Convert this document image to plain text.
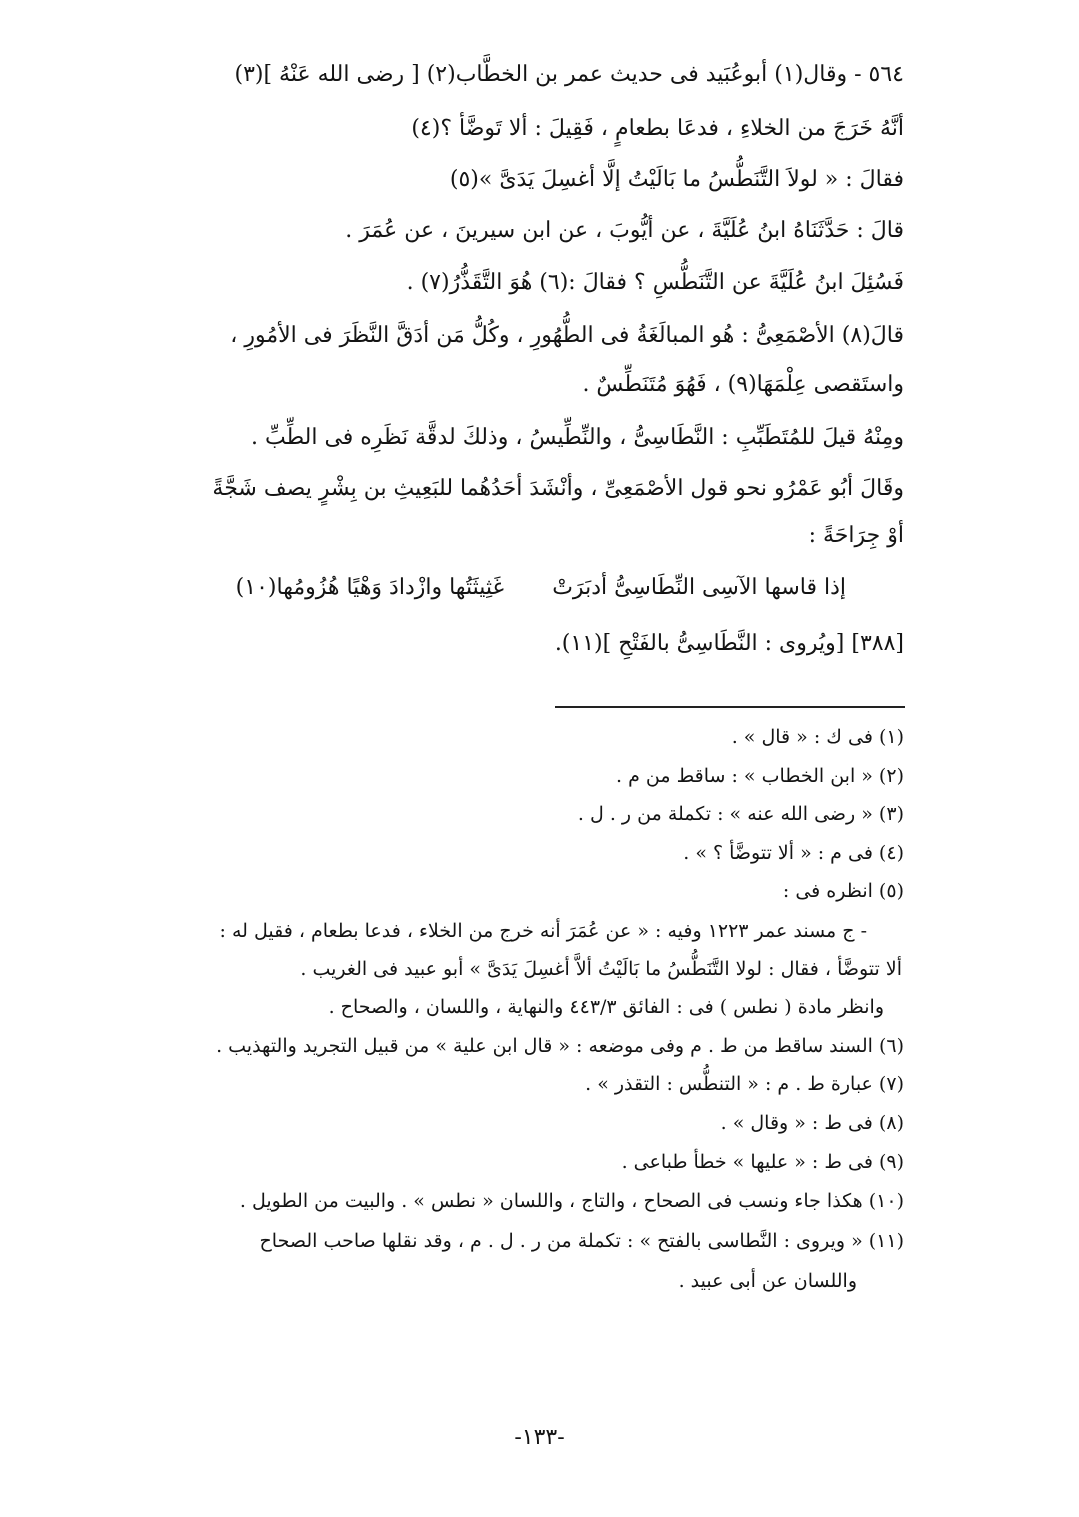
٥٦٤ - وقال(١) أبوعُبَيد فى حديث عمر بن الخطَّاب(٢) [ رضى الله عَنْهُ ](٣)
أنَّهُ خَرَجَ من الخلاءِ ، فدعَا بطعامٍ ، فَقِيلَ : ألا تَوضَّأ ؟(٤)
فقالَ : « لولاَ التَّنَطُّسُ ما بَالَيْتُ إلَّا أغسِلَ يَدَىَّ »(٥)
قالَ : حَدَّثَنَاهُ ابنُ عُلَيَّةَ ، عن أيُّوبَ ، عن ابن سيرينَ ، عن عُمَرَ .
فَسُئِلَ ابنُ عُلَيَّةَ عن التَّنَطُّسِ ؟ فقالَ :(٦) هُوَ التَّقَذُّرُ(٧) .
قالَ(٨) الأصْمَعِىُّ : هُو المبالَغَةُ فى الطُّهُورِ ، وكُلُّ مَن أدَقَّ النَّظَرَ فى الأمُورِ ،
واستَقصى عِلْمَهَا(٩) ، فَهُوَ مُتَنَطِّسٌ .
ومِنْهُ قيلَ للمُتَطَبِّبِ : النَّطَاسِىُّ ، والنِّطِّيسُ ، وذلكَ لدقَّة نَظَرِه فى الطِّبِّ .
وقَالَ أبُو عَمْرُو نحو قول الأصْمَعِىِّ ، وأنْشَدَ أحَدُهُما للبَعِيثِ بن بِشْرٍ يصف شَجَّةً
أوْ جِرَاحَةً :
إذا قاسها الآسِى النِّطَاسِىُّ أدبَرَتْ
غَثِيثَتُها وازْدادَ وَهْيًا هُزُومُها(١٠)
[٣٨٨] [ويُروى : النَّطَاسِىُّ بالفَتْحِ ](١١).
(١) فى ك : « قال » .
(٢) « ابن الخطاب » : ساقط من م .
(٣) « رضى الله عنه » : تكملة من ر . ل .
(٤) فى م : « ألا تتوضَّأ ؟ » .
(٥) انظره فى :
- ج مسند عمر ١٢٢٣ وفيه : « عن عُمَرَ أنه خرج من الخلاء ، فدعا بطعام ، فقيل له :
ألا تتوضَّأ ، فقال : لولا التَّنَطُّسُ ما بَالَيْتُ ألاَّ أغسِلَ يَدَىَّ » أبو عبيد فى الغريب .
وانظر مادة ( نطس ) فى : الفائق ٤٤٣/٣ والنهاية ، واللسان ، والصحاح .
(٦) السند ساقط من ط . م وفى موضعه : « قال ابن علية » من قبيل التجريد والتهذيب .
(٧) عبارة ط . م : « التنطُّس : التقذر » .
(٨) فى ط : « وقال » .
(٩) فى ط : « عليها » خطأ طباعى .
(١٠) هكذا جاء ونسب فى الصحاح ، والتاج ، واللسان « نطس » . والبيت من الطويل .
(١١) « ويروى : النَّطاسى بالفتح » : تكملة من ر . ل . م ، وقد نقلها صاحب الصحاح
واللسان عن أبى عبيد .
-١٣٣-
